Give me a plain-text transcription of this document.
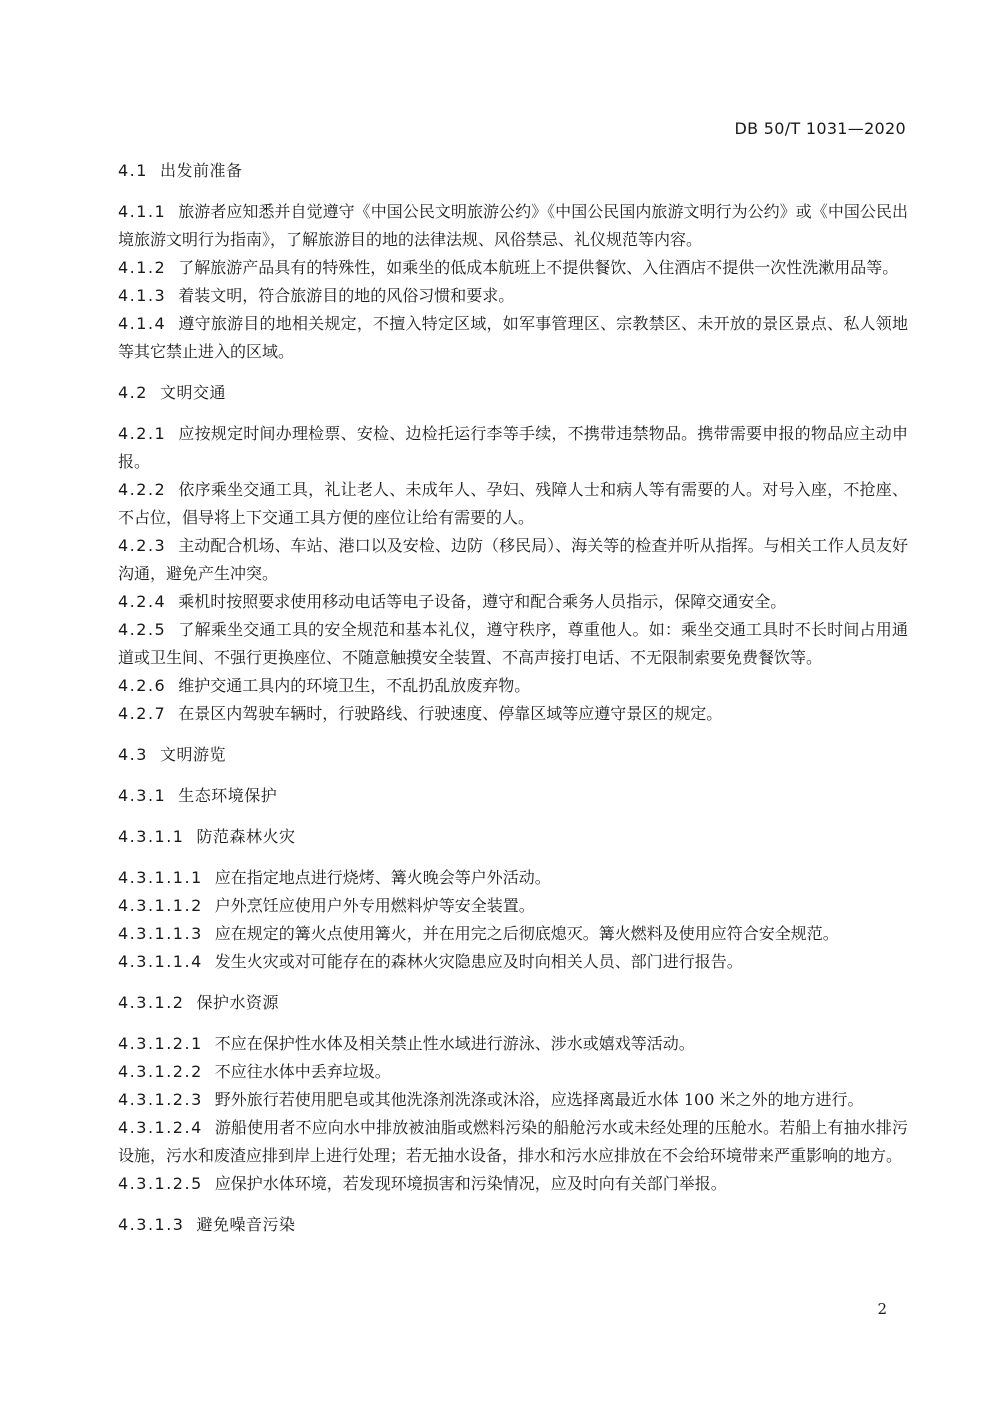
DB 50/T 1031—2020
4.1 出发前准备
4.1.1 旅游者应知悉并自觉遵守《中国公民文明旅游公约》《中国公民国内旅游文明行为公约》或《中国公民出境旅游文明行为指南》，了解旅游目的地的法律法规、风俗禁忌、礼仪规范等内容。
4.1.2 了解旅游产品具有的特殊性，如乘坐的低成本航班上不提供餐饮、入住酒店不提供一次性洗漱用品等。
4.1.3 着装文明，符合旅游目的地的风俗习惯和要求。
4.1.4 遵守旅游目的地相关规定，不擅入特定区域，如军事管理区、宗教禁区、未开放的景区景点、私人领地等其它禁止进入的区域。
4.2 文明交通
4.2.1 应按规定时间办理检票、安检、边检托运行李等手续，不携带违禁物品。携带需要申报的物品应主动申报。
4.2.2 依序乘坐交通工具，礼让老人、未成年人、孕妇、残障人士和病人等有需要的人。对号入座，不抢座、不占位，倡导将上下交通工具方便的座位让给有需要的人。
4.2.3 主动配合机场、车站、港口以及安检、边防（移民局）、海关等的检查并听从指挥。与相关工作人员友好沟通，避免产生冲突。
4.2.4 乘机时按照要求使用移动电话等电子设备，遵守和配合乘务人员指示，保障交通安全。
4.2.5 了解乘坐交通工具的安全规范和基本礼仪，遵守秩序，尊重他人。如：乘坐交通工具时不长时间占用通道或卫生间、不强行更换座位、不随意触摸安全装置、不高声接打电话、不无限制索要免费餐饮等。
4.2.6 维护交通工具内的环境卫生，不乱扔乱放废弃物。
4.2.7 在景区内驾驶车辆时，行驶路线、行驶速度、停靠区域等应遵守景区的规定。
4.3 文明游览
4.3.1 生态环境保护
4.3.1.1 防范森林火灾
4.3.1.1.1 应在指定地点进行烧烤、篝火晚会等户外活动。
4.3.1.1.2 户外烹饪应使用户外专用燃料炉等安全装置。
4.3.1.1.3 应在规定的篝火点使用篝火，并在用完之后彻底熄灭。篝火燃料及使用应符合安全规范。
4.3.1.1.4 发生火灾或对可能存在的森林火灾隐患应及时向相关人员、部门进行报告。
4.3.1.2 保护水资源
4.3.1.2.1 不应在保护性水体及相关禁止性水域进行游泳、涉水或嬉戏等活动。
4.3.1.2.2 不应往水体中丢弃垃圾。
4.3.1.2.3 野外旅行若使用肥皂或其他洗涤剂洗涤或沐浴，应选择离最近水体 100 米之外的地方进行。
4.3.1.2.4 游船使用者不应向水中排放被油脂或燃料污染的船舱污水或未经处理的压舱水。若船上有抽水排污设施，污水和废渣应排到岸上进行处理；若无抽水设备，排水和污水应排放在不会给环境带来严重影响的地方。
4.3.1.2.5 应保护水体环境，若发现环境损害和污染情况，应及时向有关部门举报。
4.3.1.3 避免噪音污染
2
